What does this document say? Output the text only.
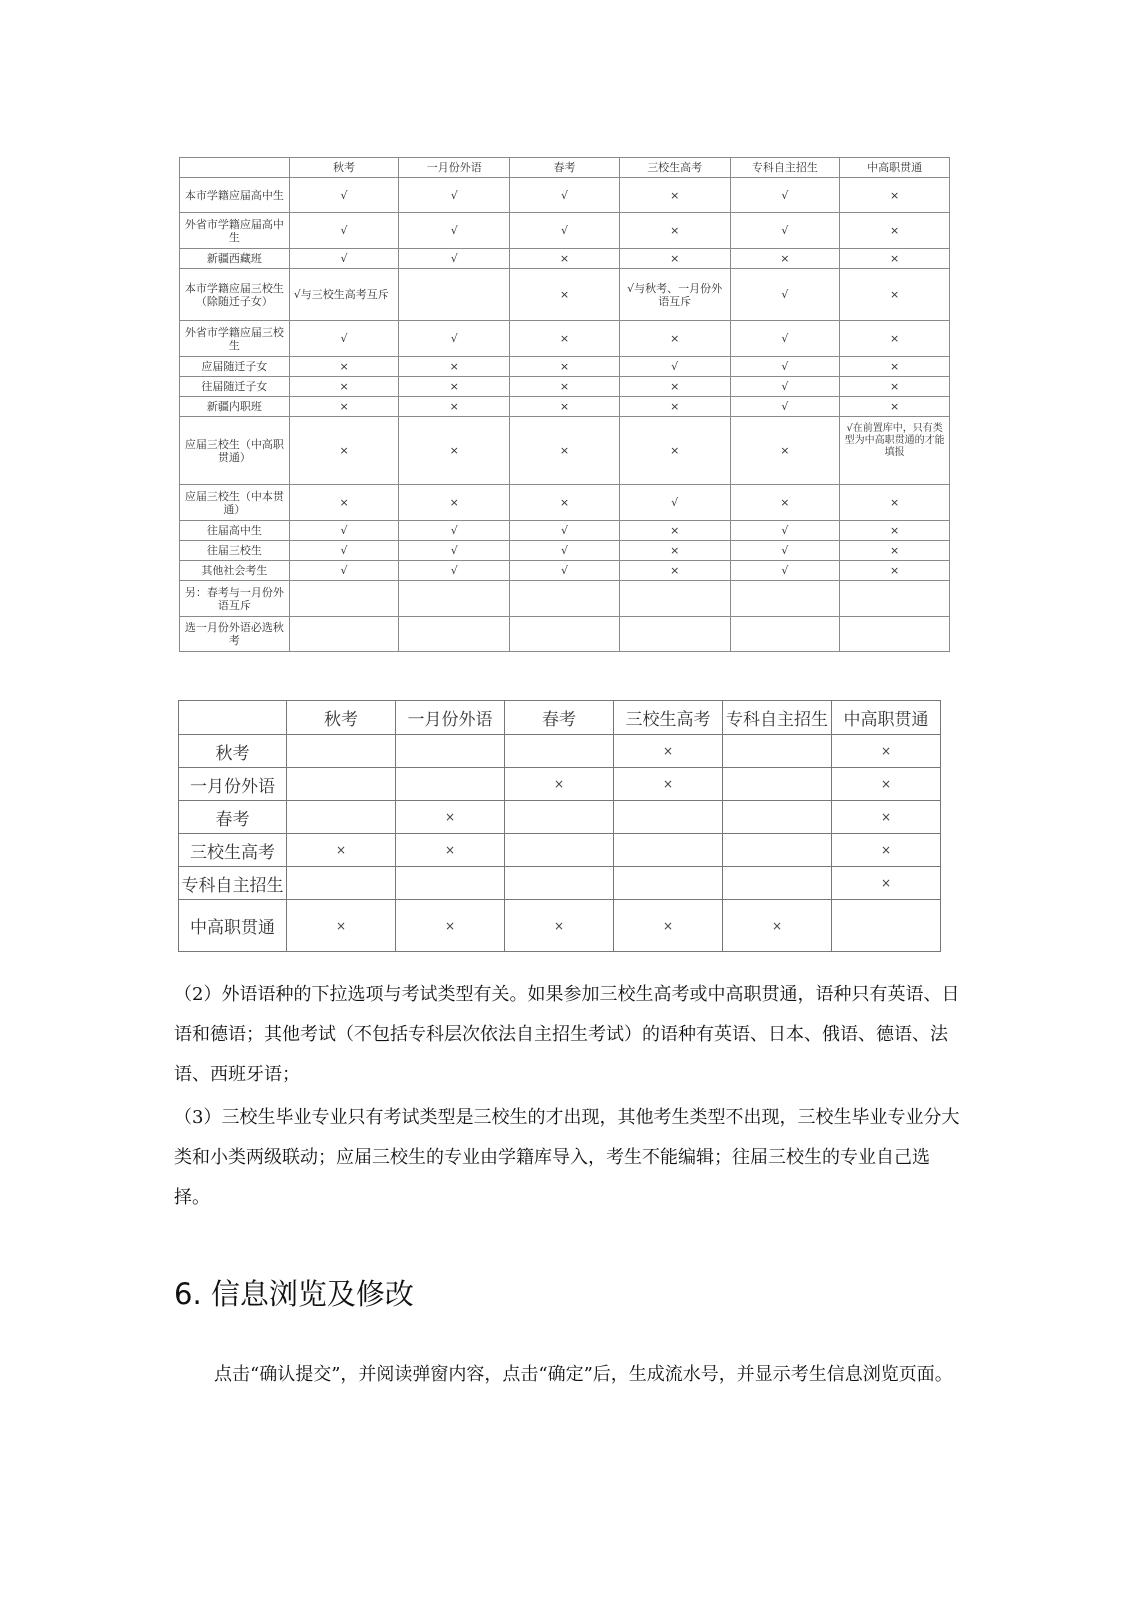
	秋考	一月份外语	春考	三校生高考	专科自主招生	中高职贯通
本市学籍应届高中生	√	√	√	×	√	×
外省市学籍应届高中生	√	√	√	×	√	×
新疆西藏班	√	√	×	×	×	×
本市学籍应届三校生（除随迁子女）	√与三校生高考互斥		×	√与秋考、一月份外语互斥	√	×
外省市学籍应届三校生	√	√	×	×	√	×
应届随迁子女	×	×	×	√	√	×
往届随迁子女	×	×	×	×	√	×
新疆内职班	×	×	×	×	√	×
应届三校生（中高职贯通）	×	×	×	×	×	√在前置库中，只有类型为中高职贯通的才能填报
应届三校生（中本贯通）	×	×	×	√	×	×
往届高中生	√	√	√	×	√	×
往届三校生	√	√	√	×	√	×
其他社会考生	√	√	√	×	√	×
另：春考与一月份外语互斥						
选一月份外语必选秋考						
	秋考	一月份外语	春考	三校生高考	专科自主招生	中高职贯通
秋考				×		×
一月份外语			×	×		×
春考		×				×
三校生高考	×	×				×
专科自主招生						×
中高职贯通	×	×	×	×	×	

（2）外语语种的下拉选项与考试类型有关。如果参加三校生高考或中高职贯通，语种只有英语、日语和德语；其他考试（不包括专科层次依法自主招生考试）的语种有英语、日本、俄语、德语、法语、西班牙语；

（3）三校生毕业专业只有考试类型是三校生的才出现，其他考生类型不出现，三校生毕业专业分大类和小类两级联动；应届三校生的专业由学籍库导入，考生不能编辑；往届三校生的专业自己选择。

6. 信息浏览及修改

点击“确认提交”，并阅读弹窗内容，点击“确定”后，生成流水号，并显示考生信息浏览页面。
